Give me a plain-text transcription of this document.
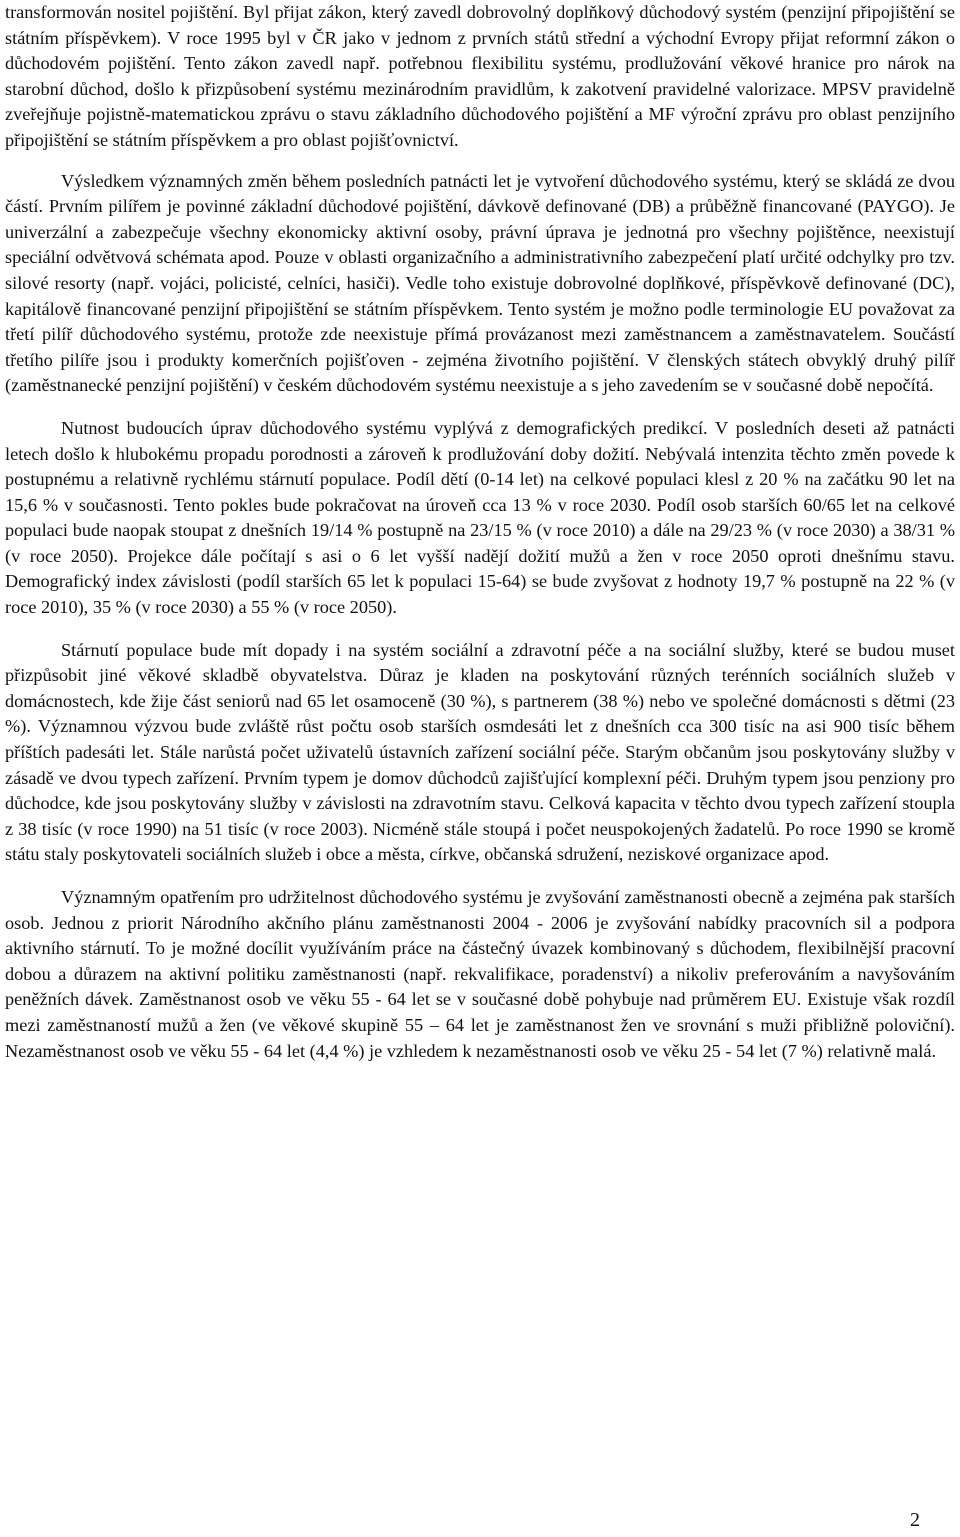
transformován nositel pojištění. Byl přijat zákon, který zavedl dobrovolný doplňkový důchodový systém (penzijní připojištění se státním příspěvkem). V roce 1995 byl v ČR jako v jednom z prvních států střední a východní Evropy přijat reformní zákon o důchodovém pojištění. Tento zákon zavedl např. potřebnou flexibilitu systému, prodlužování věkové hranice pro nárok na starobní důchod, došlo k přizpůsobení systému mezinárodním pravidlům, k zakotvení pravidelné valorizace. MPSV pravidelně zveřejňuje pojistně-matematickou zprávu o stavu základního důchodového pojištění a MF výroční zprávu pro oblast penzijního připojištění se státním příspěvkem a pro oblast pojišťovnictví.

Výsledkem významných změn během posledních patnácti let je vytvoření důchodového systému, který se skládá ze dvou částí. Prvním pilířem je povinné základní důchodové pojištění, dávkově definované (DB) a průběžně financované (PAYGO). Je univerzální a zabezpečuje všechny ekonomicky aktivní osoby, právní úprava je jednotná pro všechny pojištěnce, neexistují speciální odvětvová schémata apod. Pouze v oblasti organizačního a administrativního zabezpečení platí určité odchylky pro tzv. silové resorty (např. vojáci, policisté, celníci, hasiči). Vedle toho existuje dobrovolné doplňkové, příspěvkově definované (DC), kapitálově financované penzijní připojištění se státním příspěvkem. Tento systém je možno podle terminologie EU považovat za třetí pilíř důchodového systému, protože zde neexistuje přímá provázanost mezi zaměstnancem a zaměstnavatelem. Součástí třetího pilíře jsou i produkty komerčních pojišťoven - zejména životního pojištění. V členských státech obvyklý druhý pilíř (zaměstnanecké penzijní pojištění) v českém důchodovém systému neexistuje a s jeho zavedením se v současné době nepočítá.

Nutnost budoucích úprav důchodového systému vyplývá z demografických predikcí. V posledních deseti až patnácti letech došlo k hlubokému propadu porodnosti a zároveň k prodlužování doby dožití. Nebývalá intenzita těchto změn povede k postupnému a relativně rychlému stárnutí populace. Podíl dětí (0-14 let) na celkové populaci klesl z 20 % na začátku 90 let na 15,6 % v současnosti. Tento pokles bude pokračovat na úroveň cca 13 % v roce 2030. Podíl osob starších 60/65 let na celkové populaci bude naopak stoupat z dnešních 19/14 % postupně na 23/15 % (v roce 2010) a dále na 29/23 % (v roce 2030) a 38/31 % (v roce 2050). Projekce dále počítají s asi o 6 let vyšší nadějí dožití mužů a žen v roce 2050 oproti dnešnímu stavu. Demografický index závislosti (podíl starších 65 let k populaci 15-64) se bude zvyšovat z hodnoty 19,7 % postupně na 22 % (v roce 2010), 35 % (v roce 2030) a 55 % (v roce 2050).

Stárnutí populace bude mít dopady i na systém sociální a zdravotní péče a na sociální služby, které se budou muset přizpůsobit jiné věkové skladbě obyvatelstva. Důraz je kladen na poskytování různých terénních sociálních služeb v domácnostech, kde žije část seniorů nad 65 let osamoceně (30 %), s partnerem (38 %) nebo ve společné domácnosti s dětmi (23 %). Významnou výzvou bude zvláště růst počtu osob starších osmdesáti let z dnešních cca 300 tisíc na asi 900 tisíc během příštích padesáti let. Stále narůstá počet uživatelů ústavních zařízení sociální péče. Starým občanům jsou poskytovány služby v zásadě ve dvou typech zařízení. Prvním typem je domov důchodců zajišťující komplexní péči. Druhým typem jsou penziony pro důchodce, kde jsou poskytovány služby v závislosti na zdravotním stavu. Celková kapacita v těchto dvou typech zařízení stoupla z 38 tisíc (v roce 1990) na 51 tisíc (v roce 2003). Nicméně stále stoupá i počet neuspokojených žadatelů. Po roce 1990 se kromě státu staly poskytovateli sociálních služeb i obce a města, církve, občanská sdružení, neziskové organizace apod.

Významným opatřením pro udržitelnost důchodového systému je zvyšování zaměstnanosti obecně a zejména pak starších osob. Jednou z priorit Národního akčního plánu zaměstnanosti 2004 - 2006 je zvyšování nabídky pracovních sil a podpora aktivního stárnutí. To je možné docílit využíváním práce na částečný úvazek kombinovaný s důchodem, flexibilnější pracovní dobou a důrazem na aktivní politiku zaměstnanosti (např. rekvalifikace, poradenství) a nikoliv preferováním a navyšováním peněžních dávek. Zaměstnanost osob ve věku 55 - 64 let se v současné době pohybuje nad průměrem EU. Existuje však rozdíl mezi zaměstnaností mužů a žen (ve věkové skupině 55 – 64 let je zaměstnanost žen ve srovnání s muži přibližně poloviční). Nezaměstnanost osob ve věku 55 - 64 let (4,4 %) je vzhledem k nezaměstnanosti osob ve věku 25 - 54 let (7 %) relativně malá.

2
